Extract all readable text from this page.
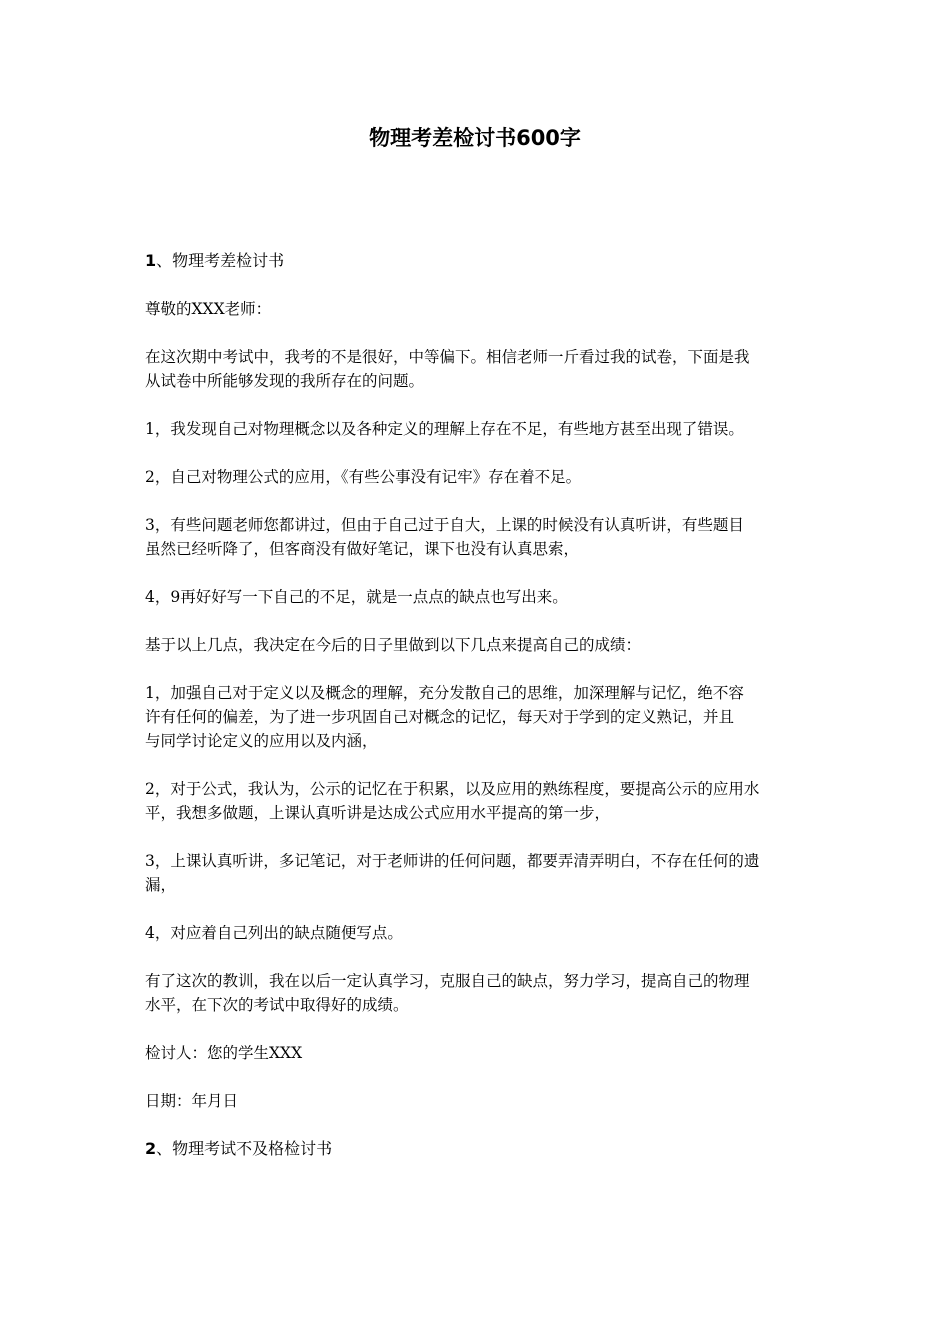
物理考差检讨书600字
1、物理考差检讨书
尊敬的XXX老师：
在这次期中考试中，我考的不是很好，中等偏下。相信老师一斤看过我的试卷，下面是我
从试卷中所能够发现的我所存在的问题。
1，我发现自己对物理概念以及各种定义的理解上存在不足，有些地方甚至出现了错误。
2，自己对物理公式的应用，《有些公事没有记牢》存在着不足。
3，有些问题老师您都讲过，但由于自己过于自大，上课的时候没有认真听讲，有些题目
虽然已经听降了，但客商没有做好笔记，课下也没有认真思索，
4，9再好好写一下自己的不足，就是一点点的缺点也写出来。
基于以上几点，我决定在今后的日子里做到以下几点来提高自己的成绩：
1，加强自己对于定义以及概念的理解，充分发散自己的思维，加深理解与记忆，绝不容
许有任何的偏差，为了进一步巩固自己对概念的记忆，每天对于学到的定义熟记，并且
与同学讨论定义的应用以及内涵，
2，对于公式，我认为，公示的记忆在于积累，以及应用的熟练程度，要提高公示的应用水
平，我想多做题，上课认真听讲是达成公式应用水平提高的第一步，
3，上课认真听讲，多记笔记，对于老师讲的任何问题，都要弄清弄明白，不存在任何的遗
漏，
4，对应着自己列出的缺点随便写点。
有了这次的教训，我在以后一定认真学习，克服自己的缺点，努力学习，提高自己的物理
水平，在下次的考试中取得好的成绩。
检讨人：您的学生XXX
日期：年月日
2、物理考试不及格检讨书
